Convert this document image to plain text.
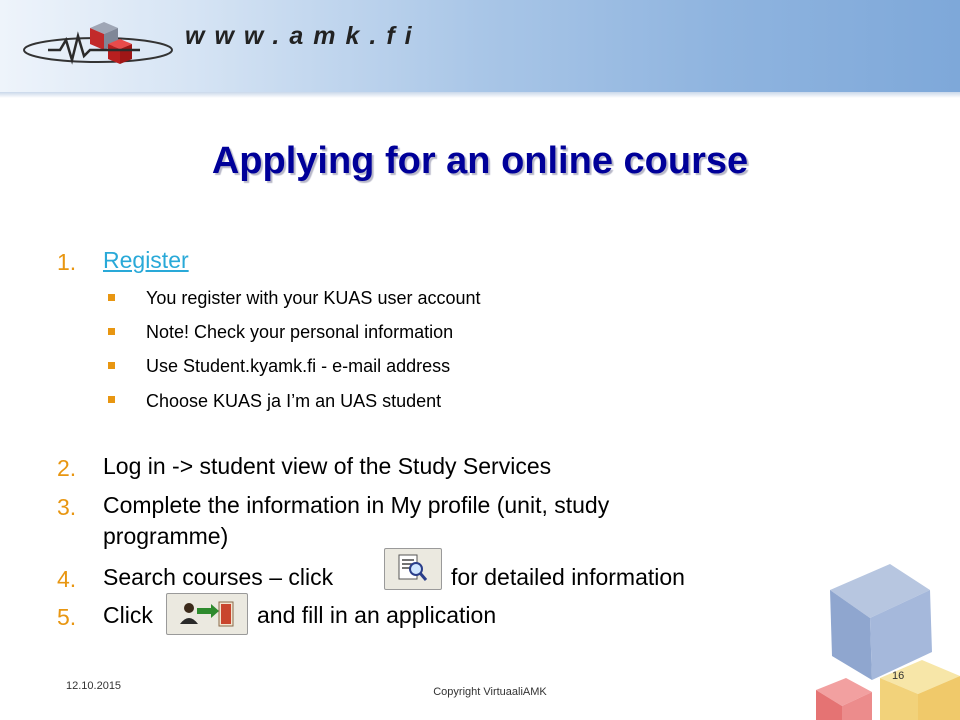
www.amk.fi
Applying for an online course
1. Register
You register with your KUAS user account
Note! Check your personal information
Use Student.kyamk.fi - e-mail address
Choose KUAS ja I’m an UAS student
2. Log in -> student view of the Study Services
3. Complete the information in My profile (unit, study
programme)
4. Search courses – click	for detailed information
5. Click	and fill in an application
12.10.2015	Copyright VirtuaaliAMK
16
